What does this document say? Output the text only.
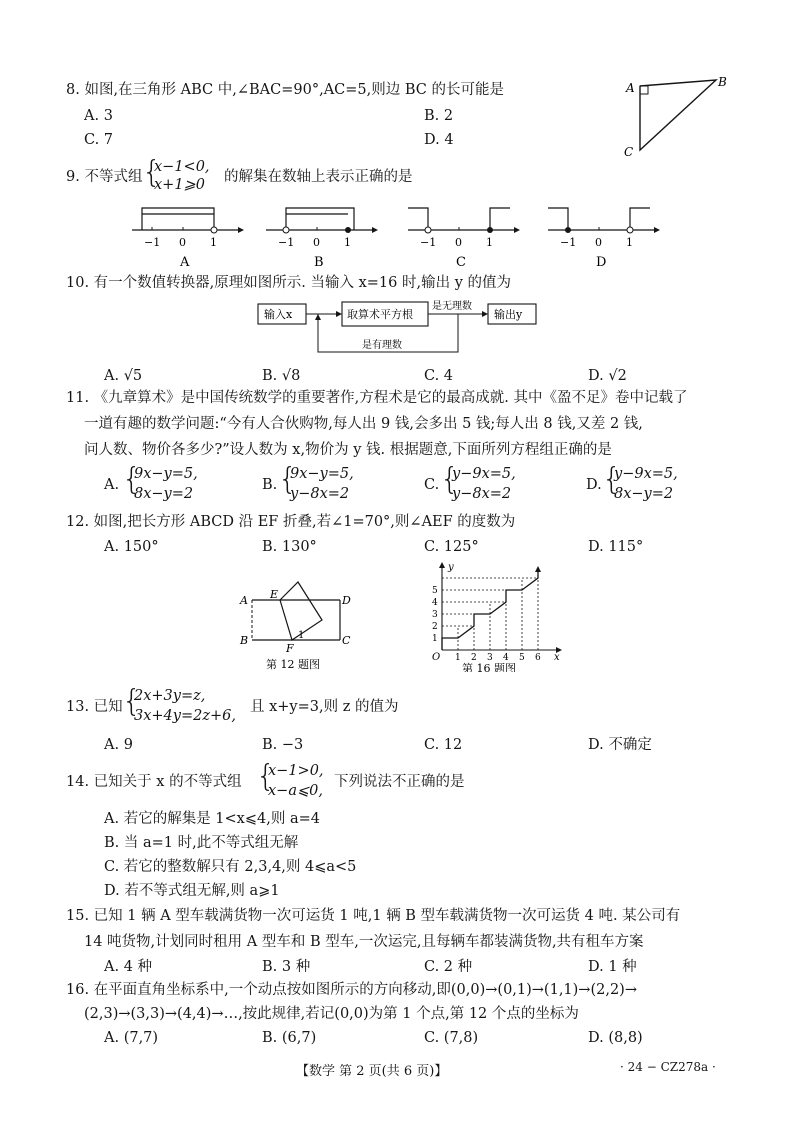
8. 如图,在三角形 ABC 中,∠BAC=90°,AC=5,则边 BC 的长可能是
A. 3	B. 2
C. 7	D. 4
A	B
C
9. 不等式组 {
x−1<0,
x+1⩾0 的解集在数轴上表示正确的是
−1 0 1
A
−1 0 1
B
−1 0 1
C
−1 0 1
D
10. 有一个数值转换器,原理如图所示. 当输入 x=16 时,输出 y 的值为
输入x	取算术平方根
是无理数
输出y
是有理数
A. √5	B. √8	C. 4	D. √2
11. 《九章算术》是中国传统数学的重要著作,方程术是它的最高成就. 其中《盈不足》卷中记载了
一道有趣的数学问题:“今有人合伙购物,每人出 9 钱,会多出 5 钱;每人出 8 钱,又差 2 钱,
问人数、物价各多少?”设人数为 x,物价为 y 钱. 根据题意,下面所列方程组正确的是
A. {
9x−y=5,
8x−y=2
B. {
9x−y=5,
y−8x=2
C. {
y−9x=5,
y−8x=2
D. {
y−9x=5,
8x−y=2
12. 如图,把长方形 ABCD 沿 EF 折叠,若∠1=70°,则∠AEF 的度数为
A. 150°	B. 130°	C. 125°	D. 115°
A E	D
B
F
1	C
第 12 题图
1
2
3
4
5
1 2 3 4 5 6
O	x
y
第 16 题图
13. 已知 {
2x+3y=z,
3x+4y=2z+6,
且 x+y=3,则 z 的值为
A. 9	B. −3	C. 12	D. 不确定
14. 已知关于 x 的不等式组 {
x−1>0,
x−a⩽0,
下列说法不正确的是
A. 若它的解集是 1<x⩽4,则 a=4
B. 当 a=1 时,此不等式组无解
C. 若它的整数解只有 2,3,4,则 4⩽a<5
D. 若不等式组无解,则 a⩾1
15. 已知 1 辆 A 型车载满货物一次可运货 1 吨,1 辆 B 型车载满货物一次可运货 4 吨. 某公司有
14 吨货物,计划同时租用 A 型车和 B 型车,一次运完,且每辆车都装满货物,共有租车方案
A. 4 种	B. 3 种	C. 2 种	D. 1 种
16. 在平面直角坐标系中,一个动点按如图所示的方向移动,即(0,0)→(0,1)→(1,1)→(2,2)→
(2,3)→(3,3)→(4,4)→…,按此规律,若记(0,0)为第 1 个点,第 12 个点的坐标为
A. (7,7)	B. (6,7)	C. (7,8)	D. (8,8)
【数学 第 2 页(共 6 页)】	· 24 − CZ278a ·
